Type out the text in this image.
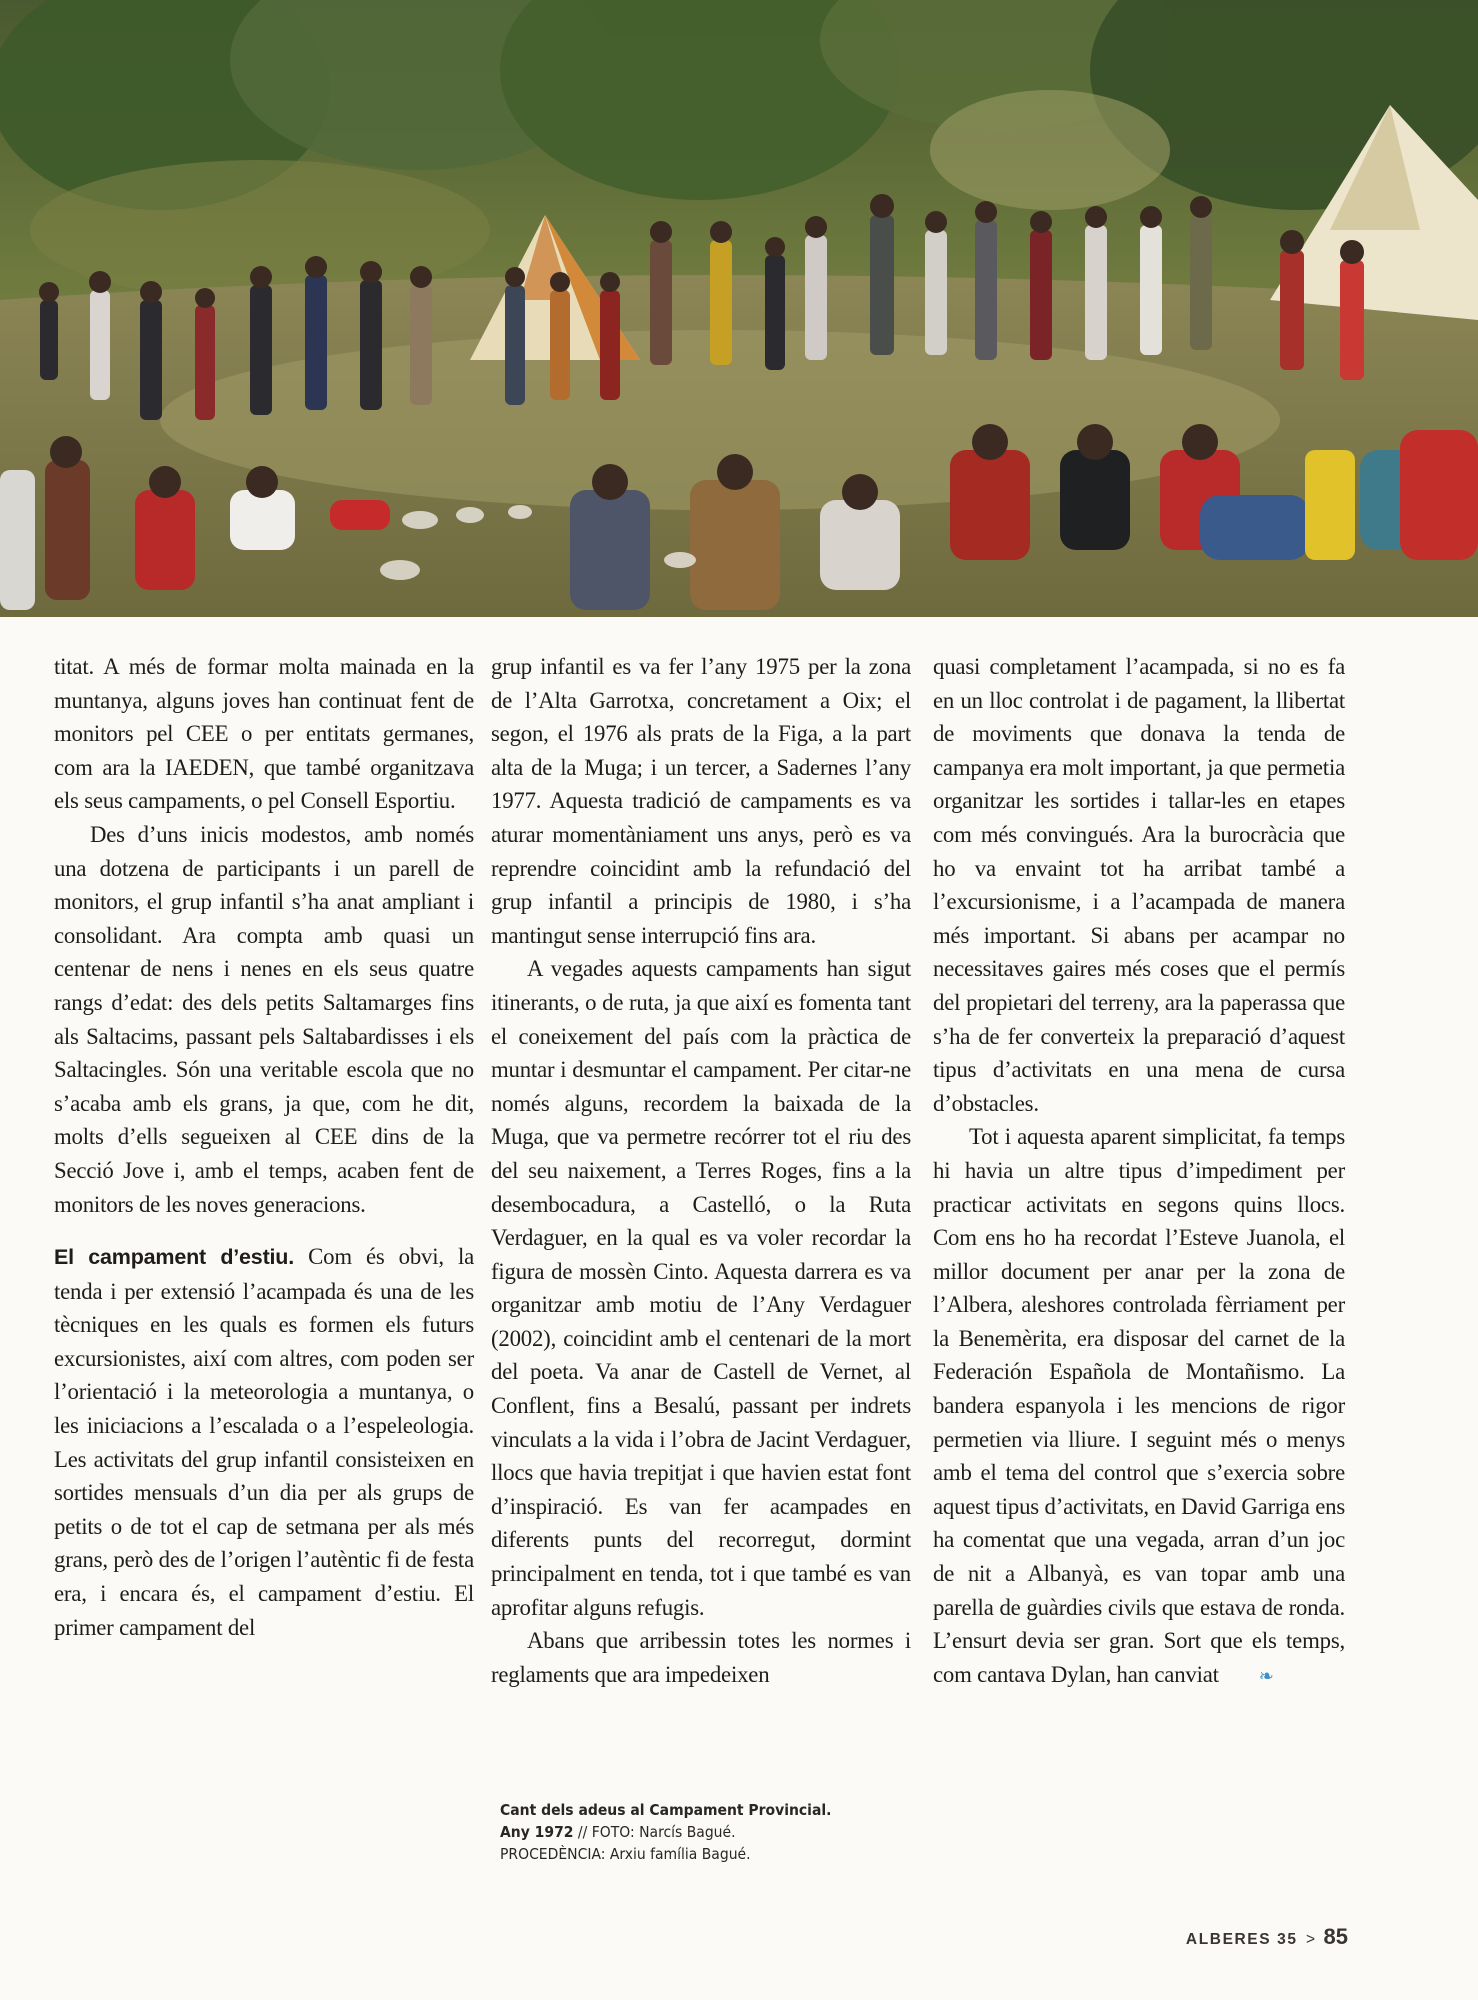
titat. A més de formar molta mainada en la muntanya, alguns joves han continuat fent de monitors pel CEE o per entitats germanes, com ara la IAEDEN, que també organitzava els seus campaments, o pel Consell Esportiu.

Des d’uns inicis modestos, amb només una dotzena de participants i un parell de monitors, el grup infantil s’ha anat ampliant i consolidant. Ara compta amb quasi un centenar de nens i nenes en els seus quatre rangs d’edat: des dels petits Saltamarges fins als Saltacims, passant pels Saltabardisses i els Saltacingles. Són una veritable escola que no s’acaba amb els grans, ja que, com he dit, molts d’ells segueixen al CEE dins de la Secció Jove i, amb el temps, acaben fent de monitors de les noves generacions.

El campament d’estiu. Com és obvi, la tenda i per extensió l’acampada és una de les tècniques en les quals es formen els futurs excursionistes, així com altres, com poden ser l’orientació i la meteorologia a muntanya, o les iniciacions a l’escalada o a l’espeleologia. Les activitats del grup infantil consisteixen en sortides mensuals d’un dia per als grups de petits o de tot el cap de setmana per als més grans, però des de l’origen l’autèntic fi de festa era, i encara és, el campament d’estiu. El primer campament del

grup infantil es va fer l’any 1975 per la zona de l’Alta Garrotxa, concretament a Oix; el segon, el 1976 als prats de la Figa, a la part alta de la Muga; i un tercer, a Sadernes l’any 1977. Aquesta tradició de campaments es va aturar momentàniament uns anys, però es va reprendre coincidint amb la refundació del grup infantil a principis de 1980, i s’ha mantingut sense interrupció fins ara.

A vegades aquests campaments han sigut itinerants, o de ruta, ja que així es fomenta tant el coneixement del país com la pràctica de muntar i desmuntar el campament. Per citar-ne només alguns, recordem la baixada de la Muga, que va permetre recórrer tot el riu des del seu naixement, a Terres Roges, fins a la desembocadura, a Castelló, o la Ruta Verdaguer, en la qual es va voler recordar la figura de mossèn Cinto. Aquesta darrera es va organitzar amb motiu de l’Any Verdaguer (2002), coincidint amb el centenari de la mort del poeta. Va anar de Castell de Vernet, al Conflent, fins a Besalú, passant per indrets vinculats a la vida i l’obra de Jacint Verdaguer, llocs que havia trepitjat i que havien estat font d’inspiració. Es van fer acampades en diferents punts del recorregut, dormint principalment en tenda, tot i que també es van aprofitar alguns refugis.

Abans que arribessin totes les normes i reglaments que ara impedeixen

quasi completament l’acampada, si no es fa en un lloc controlat i de pagament, la llibertat de moviments que donava la tenda de campanya era molt important, ja que permetia organitzar les sortides i tallar-les en etapes com més convingués. Ara la burocràcia que ho va envaint tot ha arribat també a l’excursionisme, i a l’acampada de manera més important. Si abans per acampar no necessitaves gaires més coses que el permís del propietari del terreny, ara la paperassa que s’ha de fer converteix la preparació d’aquest tipus d’activitats en una mena de cursa d’obstacles.

Tot i aquesta aparent simplicitat, fa temps hi havia un altre tipus d’impediment per practicar activitats en segons quins llocs. Com ens ho ha recordat l’Esteve Juanola, el millor document per anar per la zona de l’Albera, aleshores controlada fèrriament per la Benemèrita, era disposar del carnet de la Federación Española de Montañismo. La bandera espanyola i les mencions de rigor permetien via lliure. I seguint més o menys amb el tema del control que s’exercia sobre aquest tipus d’activitats, en David Garriga ens ha comentat que una vegada, arran d’un joc de nit a Albanyà, es van topar amb una parella de guàrdies civils que estava de ronda. L’ensurt devia ser gran. Sort que els temps, com cantava Dylan, han canviat ❧

Cant dels adeus al Campament Provincial.
Any 1972 // FOTO: Narcís Bagué.
PROCEDÈNCIA: Arxiu família Bagué.
ALBERES 35 > 85
